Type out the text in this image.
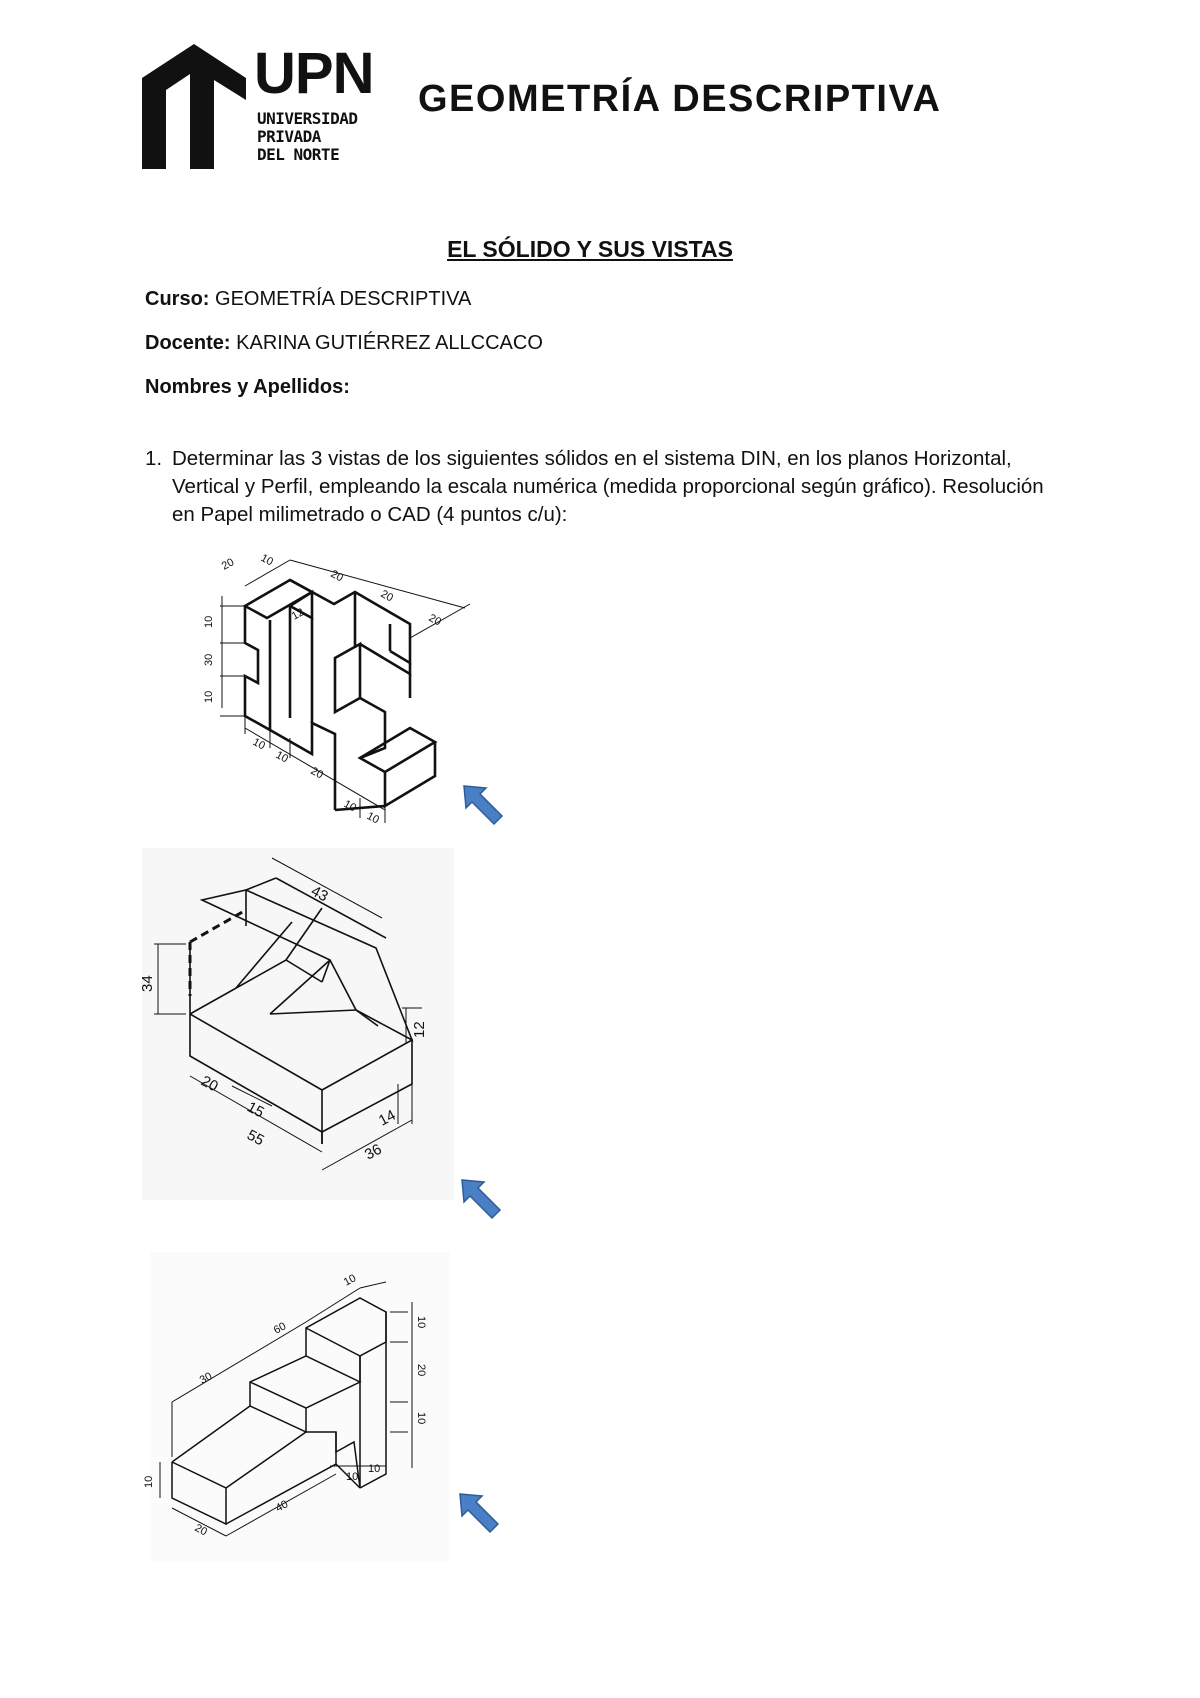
UPN
UNIVERSIDAD
PRIVADA
DEL NORTE
GEOMETRÍA DESCRIPTIVA
EL SÓLIDO Y SUS VISTAS
Curso: GEOMETRÍA DESCRIPTIVA
Docente: KARINA GUTIÉRREZ ALLCCACO
Nombres y Apellidos:
1. Determinar las 3 vistas de los siguientes sólidos en el sistema DIN, en los planos Horizontal, Vertical y Perfil, empleando la escala numérica (medida proporcional según gráfico). Resolución en Papel milimetrado o CAD (4 puntos c/u):
20 10
20
20
20
12
10
30
10
10
10
20
10
10
43
34
12
20
15
55
14
36
10
60
30
10
20
10
10	10
10
40
20
